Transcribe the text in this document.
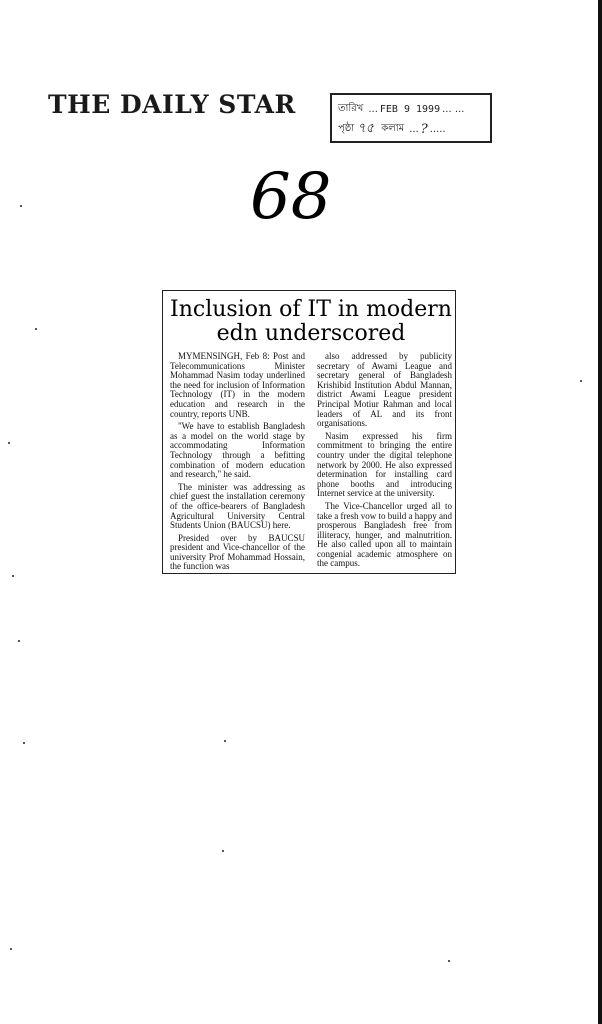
THE DAILY STAR	তারিখ ... FEB 9 1999 ... ...
পৃষ্ঠা ৭৫
কলাম ... ? .....
68
Inclusion of IT in modern
edn underscored

MYMENSINGH, Feb 8: Post and Telecommunications Minister Mohammad Nasim today underlined the need for inclusion of Information Technology (IT) in the modern education and research in the country, reports UNB.

"We have to establish Bangladesh as a model on the world stage by accommodating Information Technology through a befitting combination of modern education and research," he said.

The minister was addressing as chief guest the installation ceremony of the office-bearers of Bangladesh Agricultural University Central Students Union (BAUCSU) here.

Presided over by BAUCSU president and Vice-chancellor of the university Prof Mohammad Hossain, the function was

also addressed by publicity secretary of Awami League and secretary general of Bangladesh Krishibid Institution Abdul Mannan, district Awami League president Principal Motiur Rahman and local leaders of AL and its front organisations.

Nasim expressed his firm commitment to bringing the entire country under the digital telephone network by 2000. He also expressed determination for installing card phone booths and introducing Internet service at the university.

The Vice-Chancellor urged all to take a fresh vow to build a happy and prosperous Bangladesh free from illiteracy, hunger, and malnutrition. He also called upon all to maintain congenial academic atmosphere on the campus.
